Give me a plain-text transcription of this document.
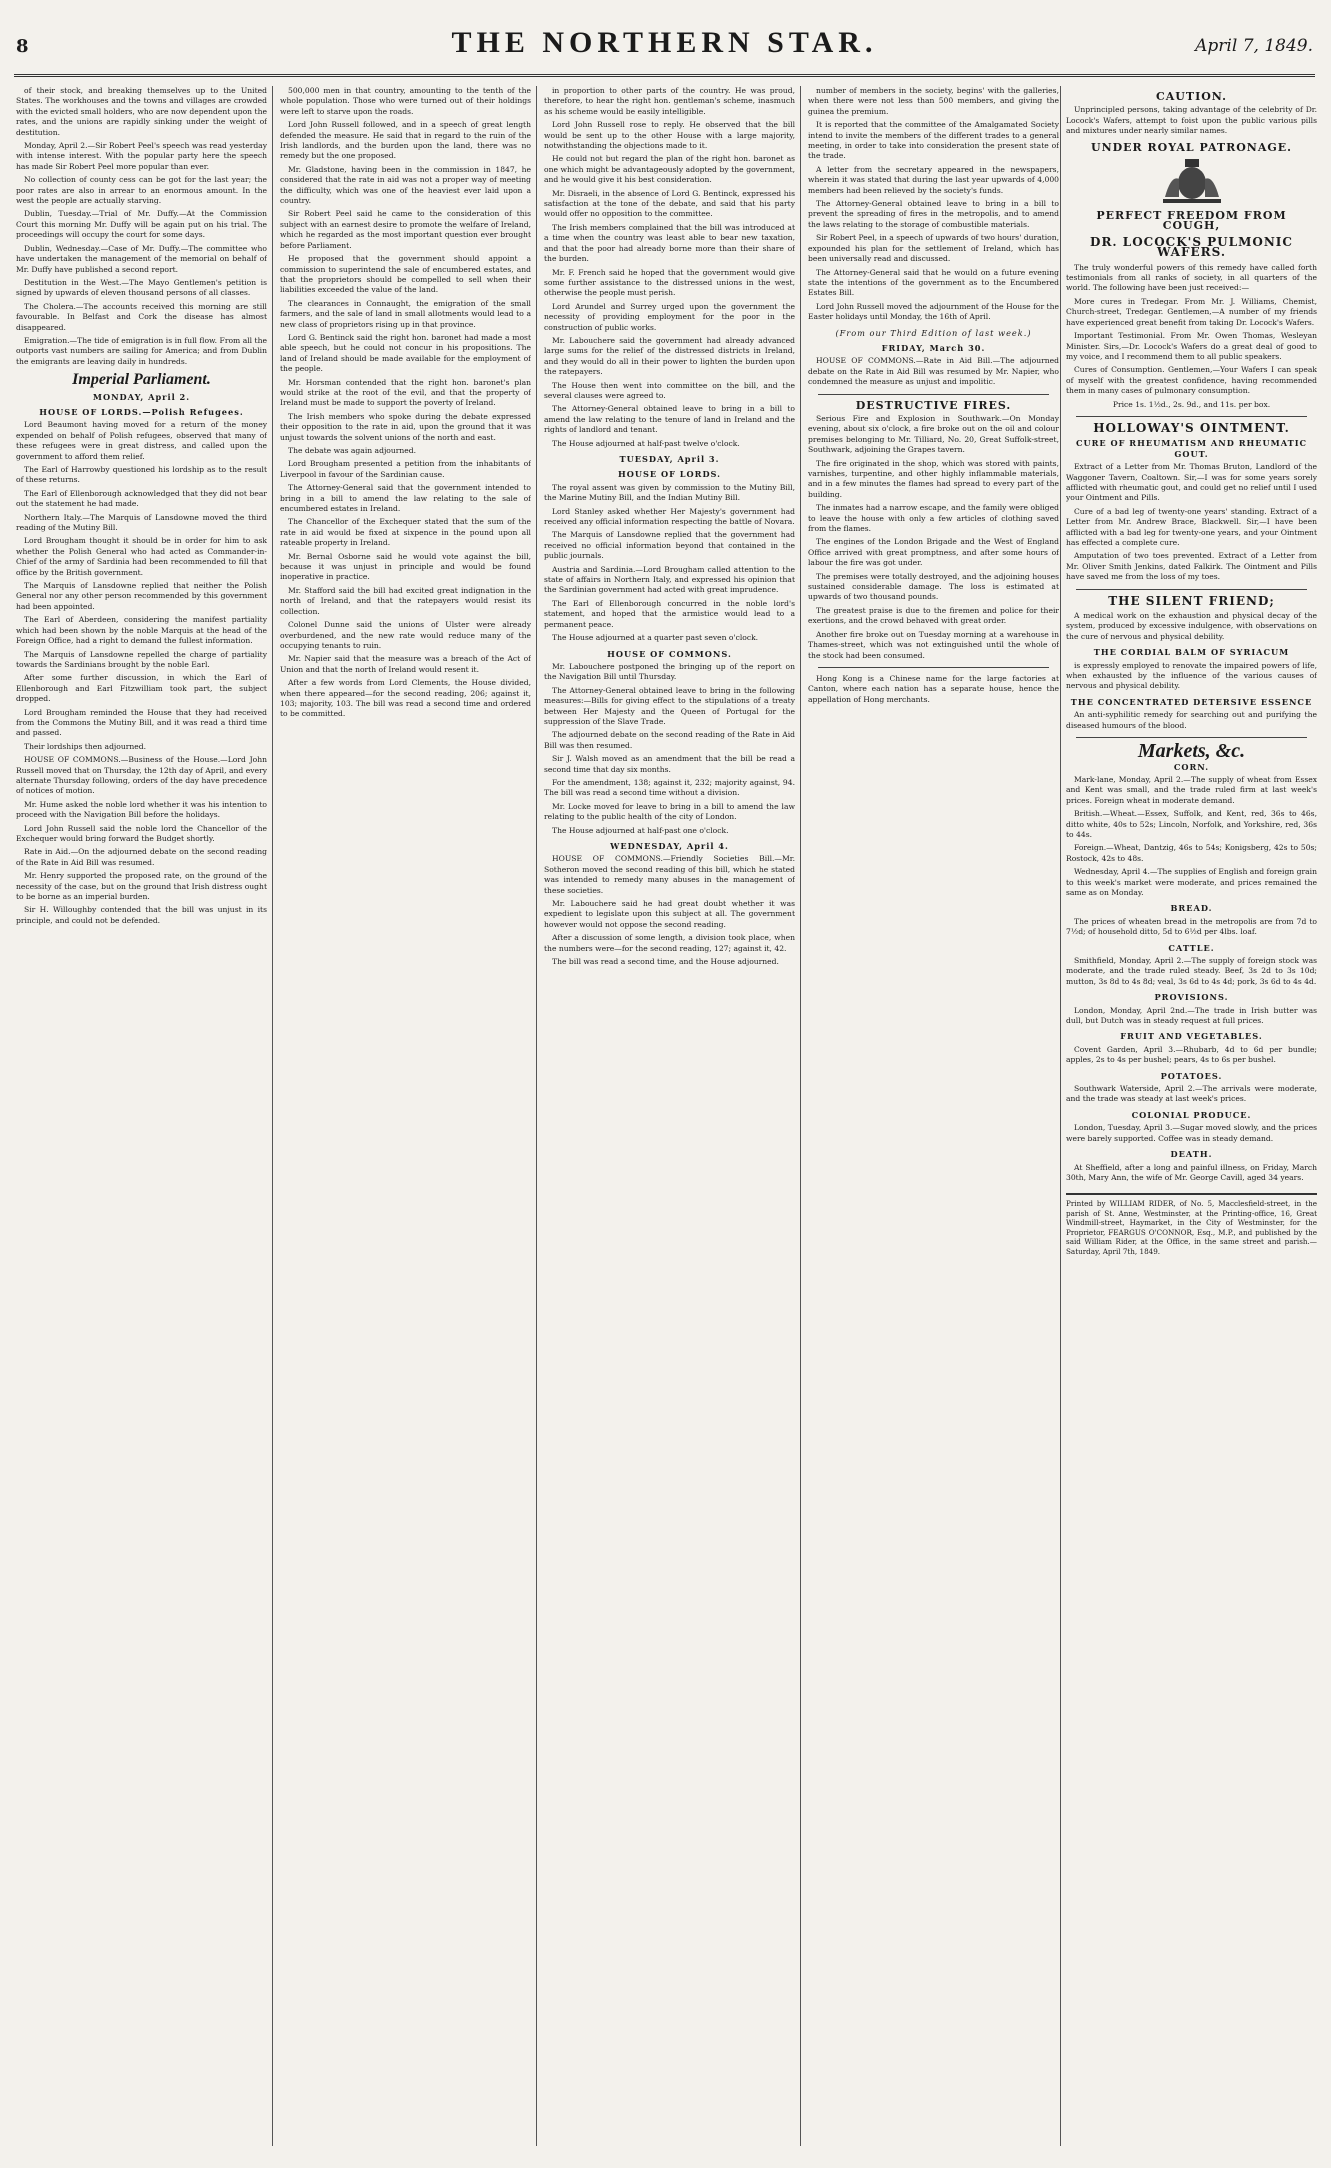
8	THE NORTHERN STAR.	April 7, 1849.

of their stock, and breaking themselves up to the United States. The workhouses and the towns and villages are crowded with the evicted small holders, who are now dependent upon the rates, and the unions are rapidly sinking under the weight of destitution.

Monday, April 2.—Sir Robert Peel's speech was read yesterday with intense interest. With the popular party here the speech has made Sir Robert Peel more popular than ever.

No collection of county cess can be got for the last year; the poor rates are also in arrear to an enormous amount. In the west the people are actually starving.

Dublin, Tuesday.—Trial of Mr. Duffy.—At the Commission Court this morning Mr. Duffy will be again put on his trial. The proceedings will occupy the court for some days.

Dublin, Wednesday.—Case of Mr. Duffy.—The committee who have undertaken the management of the memorial on behalf of Mr. Duffy have published a second report.

Destitution in the West.—The Mayo Gentlemen's petition is signed by upwards of eleven thousand persons of all classes.

The Cholera.—The accounts received this morning are still favourable. In Belfast and Cork the disease has almost disappeared.

Emigration.—The tide of emigration is in full flow. From all the outports vast numbers are sailing for America; and from Dublin the emigrants are leaving daily in hundreds.

Imperial Parliament.
MONDAY, April 2.
HOUSE OF LORDS.—Polish Refugees.

Lord Beaumont having moved for a return of the money expended on behalf of Polish refugees, observed that many of these refugees were in great distress, and called upon the government to afford them relief.

The Earl of Harrowby questioned his lordship as to the result of these returns.

The Earl of Ellenborough acknowledged that they did not bear out the statement he had made.

Northern Italy.—The Marquis of Lansdowne moved the third reading of the Mutiny Bill.

Lord Brougham thought it should be in order for him to ask whether the Polish General who had acted as Commander-in-Chief of the army of Sardinia had been recommended to fill that office by the British government.

The Marquis of Lansdowne replied that neither the Polish General nor any other person recommended by this government had been appointed.

The Earl of Aberdeen, considering the manifest partiality which had been shown by the noble Marquis at the head of the Foreign Office, had a right to demand the fullest information.

The Marquis of Lansdowne repelled the charge of partiality towards the Sardinians brought by the noble Earl.

After some further discussion, in which the Earl of Ellenborough and Earl Fitzwilliam took part, the subject dropped.

Lord Brougham reminded the House that they had received from the Commons the Mutiny Bill, and it was read a third time and passed.

Their lordships then adjourned.

HOUSE OF COMMONS.—Business of the House.—Lord John Russell moved that on Thursday, the 12th day of April, and every alternate Thursday following, orders of the day have precedence of notices of motion.

Mr. Hume asked the noble lord whether it was his intention to proceed with the Navigation Bill before the holidays.

Lord John Russell said the noble lord the Chancellor of the Exchequer would bring forward the Budget shortly.

Rate in Aid.—On the adjourned debate on the second reading of the Rate in Aid Bill was resumed.

Mr. Henry supported the proposed rate, on the ground of the necessity of the case, but on the ground that Irish distress ought to be borne as an imperial burden.

Sir H. Willoughby contended that the bill was unjust in its principle, and could not be defended.

500,000 men in that country, amounting to the tenth of the whole population. Those who were turned out of their holdings were left to starve upon the roads.

Lord John Russell followed, and in a speech of great length defended the measure. He said that in regard to the ruin of the Irish landlords, and the burden upon the land, there was no remedy but the one proposed.

Mr. Gladstone, having been in the commission in 1847, he considered that the rate in aid was not a proper way of meeting the difficulty, which was one of the heaviest ever laid upon a country.

Sir Robert Peel said he came to the consideration of this subject with an earnest desire to promote the welfare of Ireland, which he regarded as the most important question ever brought before Parliament.

He proposed that the government should appoint a commission to superintend the sale of encumbered estates, and that the proprietors should be compelled to sell when their liabilities exceeded the value of the land.

The clearances in Connaught, the emigration of the small farmers, and the sale of land in small allotments would lead to a new class of proprietors rising up in that province.

Lord G. Bentinck said the right hon. baronet had made a most able speech, but he could not concur in his propositions. The land of Ireland should be made available for the employment of the people.

Mr. Horsman contended that the right hon. baronet's plan would strike at the root of the evil, and that the property of Ireland must be made to support the poverty of Ireland.

The Irish members who spoke during the debate expressed their opposition to the rate in aid, upon the ground that it was unjust towards the solvent unions of the north and east.

The debate was again adjourned.

Lord Brougham presented a petition from the inhabitants of Liverpool in favour of the Sardinian cause.

The Attorney-General said that the government intended to bring in a bill to amend the law relating to the sale of encumbered estates in Ireland.

The Chancellor of the Exchequer stated that the sum of the rate in aid would be fixed at sixpence in the pound upon all rateable property in Ireland.

Mr. Bernal Osborne said he would vote against the bill, because it was unjust in principle and would be found inoperative in practice.

Mr. Stafford said the bill had excited great indignation in the north of Ireland, and that the ratepayers would resist its collection.

Colonel Dunne said the unions of Ulster were already overburdened, and the new rate would reduce many of the occupying tenants to ruin.

Mr. Napier said that the measure was a breach of the Act of Union and that the north of Ireland would resent it.

After a few words from Lord Clements, the House divided, when there appeared—for the second reading, 206; against it, 103; majority, 103. The bill was read a second time and ordered to be committed.

in proportion to other parts of the country. He was proud, therefore, to hear the right hon. gentleman's scheme, inasmuch as his scheme would be easily intelligible.

Lord John Russell rose to reply. He observed that the bill would be sent up to the other House with a large majority, notwithstanding the objections made to it.

He could not but regard the plan of the right hon. baronet as one which might be advantageously adopted by the government, and he would give it his best consideration.

Mr. Disraeli, in the absence of Lord G. Bentinck, expressed his satisfaction at the tone of the debate, and said that his party would offer no opposition to the committee.

The Irish members complained that the bill was introduced at a time when the country was least able to bear new taxation, and that the poor had already borne more than their share of the burden.

Mr. F. French said he hoped that the government would give some further assistance to the distressed unions in the west, otherwise the people must perish.

Lord Arundel and Surrey urged upon the government the necessity of providing employment for the poor in the construction of public works.

Mr. Labouchere said the government had already advanced large sums for the relief of the distressed districts in Ireland, and they would do all in their power to lighten the burden upon the ratepayers.

The House then went into committee on the bill, and the several clauses were agreed to.

The Attorney-General obtained leave to bring in a bill to amend the law relating to the tenure of land in Ireland and the rights of landlord and tenant.

The House adjourned at half-past twelve o'clock.

TUESDAY, April 3.
HOUSE OF LORDS.

The royal assent was given by commission to the Mutiny Bill, the Marine Mutiny Bill, and the Indian Mutiny Bill.

Lord Stanley asked whether Her Majesty's government had received any official information respecting the battle of Novara.

The Marquis of Lansdowne replied that the government had received no official information beyond that contained in the public journals.

Austria and Sardinia.—Lord Brougham called attention to the state of affairs in Northern Italy, and expressed his opinion that the Sardinian government had acted with great imprudence.

The Earl of Ellenborough concurred in the noble lord's statement, and hoped that the armistice would lead to a permanent peace.

The House adjourned at a quarter past seven o'clock.

HOUSE OF COMMONS.

Mr. Labouchere postponed the bringing up of the report on the Navigation Bill until Thursday.

The Attorney-General obtained leave to bring in the following measures:—Bills for giving effect to the stipulations of a treaty between Her Majesty and the Queen of Portugal for the suppression of the Slave Trade.

The adjourned debate on the second reading of the Rate in Aid Bill was then resumed.

Sir J. Walsh moved as an amendment that the bill be read a second time that day six months.

For the amendment, 138; against it, 232; majority against, 94. The bill was read a second time without a division.

Mr. Locke moved for leave to bring in a bill to amend the law relating to the public health of the city of London.

The House adjourned at half-past one o'clock.

WEDNESDAY, April 4.

HOUSE OF COMMONS.—Friendly Societies Bill.—Mr. Sotheron moved the second reading of this bill, which he stated was intended to remedy many abuses in the management of these societies.

Mr. Labouchere said he had great doubt whether it was expedient to legislate upon this subject at all. The government however would not oppose the second reading.

After a discussion of some length, a division took place, when the numbers were—for the second reading, 127; against it, 42.

The bill was read a second time, and the House adjourned.

number of members in the society, begins' with the galleries, when there were not less than 500 members, and giving the guinea the premium.

It is reported that the committee of the Amalgamated Society intend to invite the members of the different trades to a general meeting, in order to take into consideration the present state of the trade.

A letter from the secretary appeared in the newspapers, wherein it was stated that during the last year upwards of 4,000 members had been relieved by the society's funds.

The Attorney-General obtained leave to bring in a bill to prevent the spreading of fires in the metropolis, and to amend the laws relating to the storage of combustible materials.

Sir Robert Peel, in a speech of upwards of two hours' duration, expounded his plan for the settlement of Ireland, which has been universally read and discussed.

The Attorney-General said that he would on a future evening state the intentions of the government as to the Encumbered Estates Bill.

Lord John Russell moved the adjournment of the House for the Easter holidays until Monday, the 16th of April.

(From our Third Edition of last week.)
FRIDAY, March 30.

HOUSE OF COMMONS.—Rate in Aid Bill.—The adjourned debate on the Rate in Aid Bill was resumed by Mr. Napier, who condemned the measure as unjust and impolitic.

DESTRUCTIVE FIRES.

Serious Fire and Explosion in Southwark.—On Monday evening, about six o'clock, a fire broke out on the oil and colour premises belonging to Mr. Tilliard, No. 20, Great Suffolk-street, Southwark, adjoining the Grapes tavern.

The fire originated in the shop, which was stored with paints, varnishes, turpentine, and other highly inflammable materials, and in a few minutes the flames had spread to every part of the building.

The inmates had a narrow escape, and the family were obliged to leave the house with only a few articles of clothing saved from the flames.

The engines of the London Brigade and the West of England Office arrived with great promptness, and after some hours of labour the fire was got under.

The premises were totally destroyed, and the adjoining houses sustained considerable damage. The loss is estimated at upwards of two thousand pounds.

The greatest praise is due to the firemen and police for their exertions, and the crowd behaved with great order.

Another fire broke out on Tuesday morning at a warehouse in Thames-street, which was not extinguished until the whole of the stock had been consumed.

Hong Kong is a Chinese name for the large factories at Canton, where each nation has a separate house, hence the appellation of Hong merchants.

CAUTION.

Unprincipled persons, taking advantage of the celebrity of Dr. Locock's Wafers, attempt to foist upon the public various pills and mixtures under nearly similar names.

UNDER ROYAL PATRONAGE.
PERFECT FREEDOM FROM COUGH,
DR. LOCOCK'S PULMONIC WAFERS.

The truly wonderful powers of this remedy have called forth testimonials from all ranks of society, in all quarters of the world. The following have been just received:—

More cures in Tredegar. From Mr. J. Williams, Chemist, Church-street, Tredegar. Gentlemen,—A number of my friends have experienced great benefit from taking Dr. Locock's Wafers.

Important Testimonial. From Mr. Owen Thomas, Wesleyan Minister. Sirs,—Dr. Locock's Wafers do a great deal of good to my voice, and I recommend them to all public speakers.

Cures of Consumption. Gentlemen,—Your Wafers I can speak of myself with the greatest confidence, having recommended them in many cases of pulmonary consumption.

Price 1s. 1½d., 2s. 9d., and 11s. per box.

HOLLOWAY'S OINTMENT.
CURE OF RHEUMATISM AND RHEUMATIC GOUT.

Extract of a Letter from Mr. Thomas Bruton, Landlord of the Waggoner Tavern, Coaltown. Sir,—I was for some years sorely afflicted with rheumatic gout, and could get no relief until I used your Ointment and Pills.

Cure of a bad leg of twenty-one years' standing. Extract of a Letter from Mr. Andrew Brace, Blackwell. Sir,—I have been afflicted with a bad leg for twenty-one years, and your Ointment has effected a complete cure.

Amputation of two toes prevented. Extract of a Letter from Mr. Oliver Smith Jenkins, dated Falkirk. The Ointment and Pills have saved me from the loss of my toes.

THE SILENT FRIEND;

A medical work on the exhaustion and physical decay of the system, produced by excessive indulgence, with observations on the cure of nervous and physical debility.

THE CORDIAL BALM OF SYRIACUM

is expressly employed to renovate the impaired powers of life, when exhausted by the influence of the various causes of nervous and physical debility.

THE CONCENTRATED DETERSIVE ESSENCE

An anti-syphilitic remedy for searching out and purifying the diseased humours of the blood.

Markets, &c.
CORN.

Mark-lane, Monday, April 2.—The supply of wheat from Essex and Kent was small, and the trade ruled firm at last week's prices. Foreign wheat in moderate demand.

British.—Wheat.—Essex, Suffolk, and Kent, red, 36s to 46s, ditto white, 40s to 52s; Lincoln, Norfolk, and Yorkshire, red, 36s to 44s.

Foreign.—Wheat, Dantzig, 46s to 54s; Konigsberg, 42s to 50s; Rostock, 42s to 48s.

Wednesday, April 4.—The supplies of English and foreign grain to this week's market were moderate, and prices remained the same as on Monday.

BREAD.

The prices of wheaten bread in the metropolis are from 7d to 7½d; of household ditto, 5d to 6½d per 4lbs. loaf.

CATTLE.

Smithfield, Monday, April 2.—The supply of foreign stock was moderate, and the trade ruled steady. Beef, 3s 2d to 3s 10d; mutton, 3s 8d to 4s 8d; veal, 3s 6d to 4s 4d; pork, 3s 6d to 4s 4d.

PROVISIONS.

London, Monday, April 2nd.—The trade in Irish butter was dull, but Dutch was in steady request at full prices.

FRUIT AND VEGETABLES.

Covent Garden, April 3.—Rhubarb, 4d to 6d per bundle; apples, 2s to 4s per bushel; pears, 4s to 6s per bushel.

POTATOES.

Southwark Waterside, April 2.—The arrivals were moderate, and the trade was steady at last week's prices.

COLONIAL PRODUCE.

London, Tuesday, April 3.—Sugar moved slowly, and the prices were barely supported. Coffee was in steady demand.

DEATH.

At Sheffield, after a long and painful illness, on Friday, March 30th, Mary Ann, the wife of Mr. George Cavill, aged 34 years.

Printed by WILLIAM RIDER, of No. 5, Macclesfield-street, in the parish of St. Anne, Westminster, at the Printing-office, 16, Great Windmill-street, Haymarket, in the City of Westminster, for the Proprietor, FEARGUS O'CONNOR, Esq., M.P., and published by the said William Rider, at the Office, in the same street and parish.—Saturday, April 7th, 1849.
